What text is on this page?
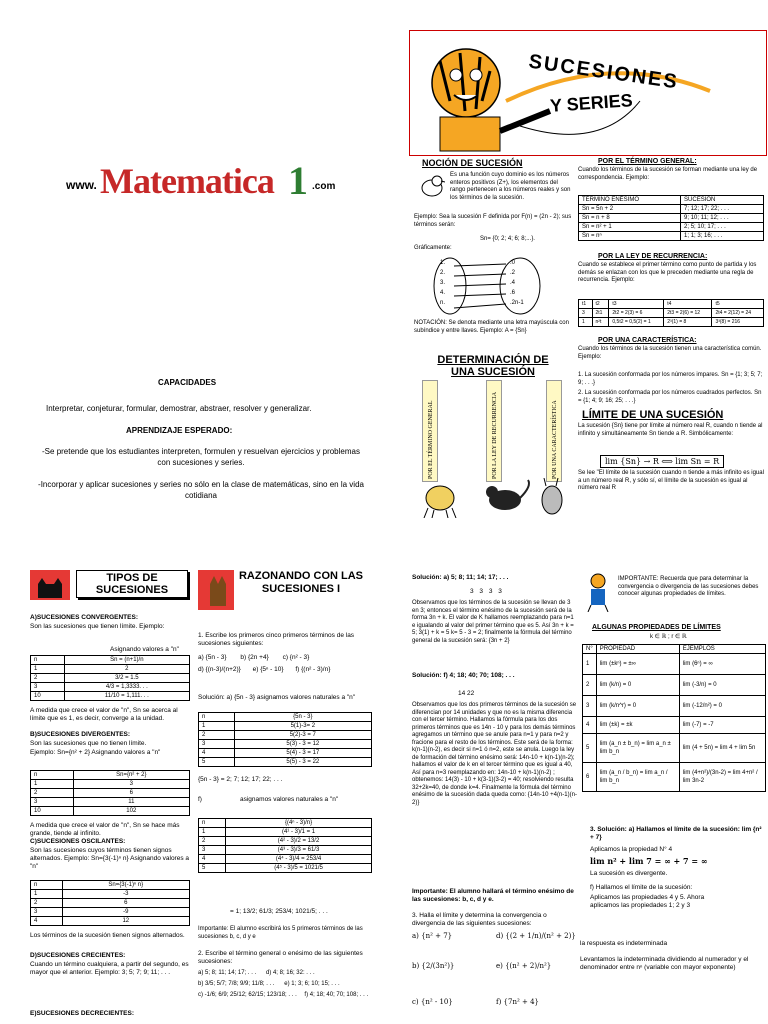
www. Matematica 1 .com
CAPACIDADES
Interpretar, conjeturar, formular, demostrar, abstraer, resolver y generalizar.
APRENDIZAJE ESPERADO:
-Se pretende que los estudiantes interpreten, formulen y resuelvan ejercicios y problemas con sucesiones y series.
-Incorporar y aplicar sucesiones y series no sólo en la clase de matemáticas, sino en la vida cotidiana
SUCESIONES
Y SERIES
NOCIÓN DE SUCESIÓN
Es una función cuyo dominio es los números enteros positivos (Z+), los elementos del rango pertenecen a los números reales y son los términos de la sucesión.
Ejemplo: Sea la sucesión F definida por F(n) = (2n - 2); sus términos serán:
Sn= {0; 2; 4; 6; 8;...}.
Gráficamente:
1.
2.
3.
4.
n.
.0
.2
.4
.6
.2n-1
NOTACIÓN: Se denota mediante una letra mayúscula con subíndice y entre llaves. Ejemplo: A = {Sn}
DETERMINACIÓN DE UNA SUCESIÓN
POR EL TÉRMINO GENERAL	POR LA LEY DE RECURRENCIA	POR UNA CARACTERÍSTICA
POR EL TÉRMINO GENERAL:
Cuando los términos de la sucesión se forman mediante una ley de correspondencia. Ejemplo:
TÉRMINO ENÉSIMO	SUCESIÓN
Sn = 5n + 2	7; 12; 17; 22; . . .
Sn = n + 8	9; 10; 11; 12; . . .
Sn = n² + 1	2; 5; 10; 17; . . .
Sn = nⁿ	1; 1; 3; 16; . . .
POR LA LEY DE RECURRENCIA:
Cuando se establece el primer término como punto de partida y los demás se enlazan con los que le preceden mediante una regla de recurrencia. Ejemplo:
t1	t2	t3	t4	t5
3	2t1	2t2 = 2(3) = 6	2t3 = 2(6) = 12	2t4 = 2(12) = 24
1	n²t	0,5t2 = 0,5(2) = 1	2³(1) = 8	3³(8) = 216
POR UNA CARACTERÍSTICA:
Cuando los términos de la sucesión tienen una característica común. Ejemplo:
1. La sucesión conformada por los números impares. Sn = {1; 3; 5; 7; 9; . . .}
2. La sucesión conformada por los números cuadrados perfectos. Sn = {1; 4; 9; 16; 25; . . .}
LÍMITE DE UNA SUCESIÓN
La sucesión {Sn} tiene por límite al número real R, cuando n tiende al infinito y simultáneamente Sn tiende a R. Simbólicamente:
lim {Sn} → R ⟺ lim Sn = R
Se lee "El límite de la sucesión cuando n tiende a más infinito es igual a un número real R, y sólo sí, el límite de la sucesión es igual al número real R
TIPOS DE SUCESIONES
A)SUCESIONES CONVERGENTES:
Son las sucesiones que tienen límite. Ejemplo:
Asignando valores a "n"
n	Sn = (n+1)/n
1	2
2	3/2 = 1.5
3	4/3 = 1,3333. . .
10	11/10 = 1,111. . .
A medida que crece el valor de "n", Sn se acerca al límite que es 1, es decir, converge a la unidad.
B)SUCESIONES DIVERGENTES:
Son las sucesiones que no tienen límite.
Ejemplo: Sn={n² + 2} Asignando valores a "n"
n	Sn={n² + 2}
1	3
2	6
3	11
10	102
A medida que crece el valor de "n", Sn se hace más grande, tiende al infinito.
C)SUCESIONES OSCILANTES:
Son las sucesiones cuyos términos tienen signos alternados. Ejemplo: Sn={3(-1)ⁿ n} Asignando valores a "n"
n	Sn={3(-1)ⁿ n}
1	-3
2	6
3	-9
4	12
Los términos de la sucesión tienen signos alternados.
D)SUCESIONES CRECIENTES:
Cuando un término cualquiera, a partir del segundo, es mayor que el anterior. Ejemplo: 3; 5; 7; 9; 11; . . .
E)SUCESIONES DECRECIENTES:
RAZONANDO CON LAS SUCESIONES I
1. Escribe los primeros cinco primeros términos de las sucesiones siguientes:
a) {5n - 3} b) {2n +4} c) {n² - 3}
d) {(n-3)/(n+2)} e) {5ⁿ - 10} f) {(n² - 3)/n}
Solución: a) {5n - 3} asignamos valores naturales a "n"
n	{5n - 3}
1	5(1)-3= 2
2	5(2)-3 = 7
3	5(3) - 3 = 12
4	5(4) - 3 = 17
5	5(5) - 3 = 22
{5n - 3} = 2; 7; 12; 17; 22; . . .
f)	asignamos valores naturales a "n"
n	{(4ⁿ - 3)/n}
1	(4¹ - 3)/1 = 1
2	(4² - 3)/2 = 13/2
3	(4³ - 3)/3 = 61/3
4	(4⁴ - 3)/4 = 253/4
5	(4⁵ - 3)/5 = 1021/5
= 1; 13/2; 61/3; 253/4; 1021/5; . . .
Importante: El alumno escribirá los 5 primeros términos de las sucesiones b, c, d y e
2. Escribe el término general o enésimo de las siguientes sucesiones:
a) 5; 8; 11; 14; 17; . . . d) 4; 8; 16; 32: . . .
b) 3/5; 5/7; 7/8; 9/9; 11/8; . . . e) 1; 3; 6; 10; 15; . . .
c) -1/6; 6/9; 25/12; 62/15; 123/18; . . . f) 4; 18; 40; 70; 108; . . .
Solución: a) 5; 8; 11; 14; 17; . . .
3 3 3 3
Observamos que los términos de la sucesión se llevan de 3 en 3; entonces el término enésimo de la sucesión será de la forma 3n + k. El valor de K hallamos reemplazando para n=1 e igualando al valor del primer término que es 5. Así 3n + k = 5; 3(1) + k = 5 k= 5 - 3 = 2; finalmente la fórmula del término general de la sucesión será: {3n + 2}
Solución: f) 4; 18; 40; 70; 108; . . .
14 22
Observamos que los dos primeros términos de la sucesión se diferencian por 14 unidades y que no es la misma diferencia con el tercer término. Hallamos la fórmula para los dos primeros términos que es 14n - 10 y para los demás términos agregamos un término que se anule para n=1 y para n=2 y fracione para el resto de los términos. Este será de la forma: k(n-1)(n-2), es decir si n=1 ó n=2, este se anula. Luego la ley de formación del término enésimo será: 14n-10 + k(n-1)(n-2); hallamos el valor de k en el tercer término que es igual a 40, Así para n=3 reemplazando en: 14n-10 + k(n-1)(n-2) ; obtenemos: 14(3) - 10 + k(3-1)(3-2) = 40; resolviendo resulta 32+2k=40, de donde k=4. Finalmente la fórmula del término enésimo de la sucesión dada queda como: {14n-10 +4(n-1)(n-2)}
Importante: El alumno hallará el término enésimo de las sucesiones: b, c, d y e.
3. Halla el límite y determina la convergencia o divergencia de las siguientes sucesiones:
a) {n² + 7}	d) {(2 + 1/n)/(n² + 2)}
b) {2/(3n²)}	e) {(n² + 2)/n²}
c) {n² - 10}	f) {7n² + 4}
IMPORTANTE: Recuerda que para determinar la convergencia o divergencia de las sucesiones debes conocer algunas propiedades de límites.
ALGUNAS PROPIEDADES DE LÍMITES
k ∈ ℝ ; r ∈ ℝ
N°	PROPIEDAD	EJEMPLOS
1	lim (±kⁿ) = ±∞	lim (6ⁿ) = ∞
2	lim (k/n) = 0	lim (-3/n) = 0
3	lim (k/n^r) = 0	lim (-12/n²) = 0
4	lim (±k) = ±k	lim (-7) = -7
5	lim (a_n ± b_n) = lim a_n ± lim b_n	lim (4 + 5n) = lim 4 + lim 5n
6	lim (a_n / b_n) = lim a_n / lim b_n	lim (4+n²)/(3n-2) = lim 4+n² / lim 3n-2
3. Solución: a) Hallamos el límite de la sucesión: lim {n² + 7}
Aplicamos la propiedad N° 4
lim n² + lim 7 = ∞ + 7 = ∞
La sucesión es divergente.
f) Hallamos el límite de la sucesión:
Aplicamos las propiedades 4 y 5. Ahora aplicamos las propiedades 1; 2 y 3
la respuesta es indeterminada
Levantamos la indeterminada dividiendo al numerador y el denominador entre nⁿ (variable con mayor exponente)
